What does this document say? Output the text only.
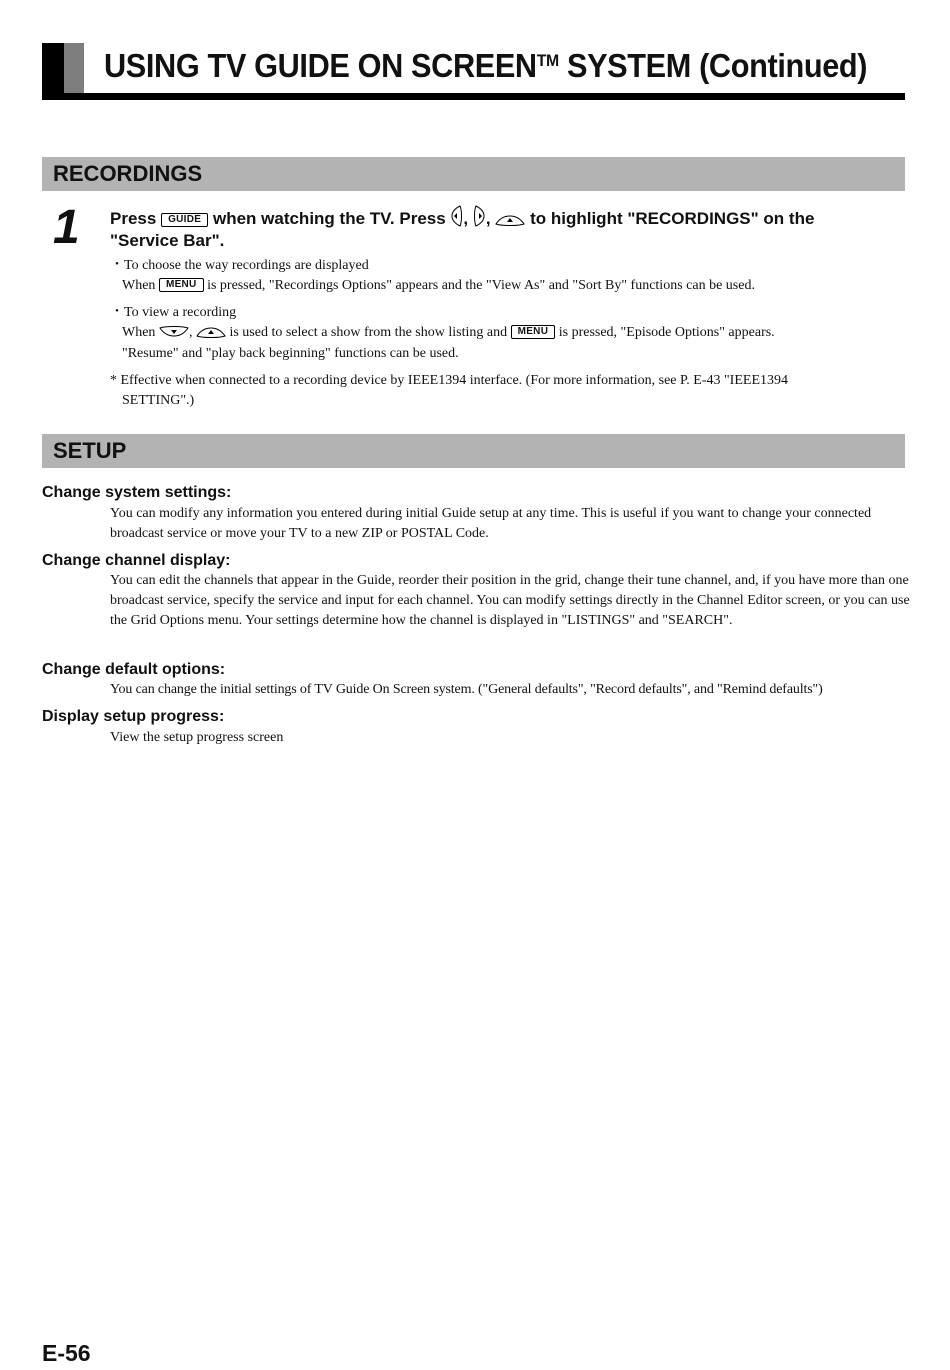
USING TV GUIDE ON SCREEN™ SYSTEM (Continued)
RECORDINGS
1 Press GUIDE when watching the TV. Press , , to highlight "RECORDINGS" on the
"Service Bar".
・To choose the way recordings are displayed
When MENU is pressed, "Recordings Options" appears and the "View As" and "Sort By" functions can be used.
・To view a recording
When ,	is used to select a show from the show listing and MENU is pressed, "Episode Options" appears.
"Resume" and "play back beginning" functions can be used.
* Effective when connected to a recording device by IEEE1394 interface. (For more information, see P. E-43 "IEEE1394
SETTING".)
SETUP
Change system settings:
You can modify any information you entered during initial Guide setup at any time. This is useful if you want to change your connected broadcast service or move your TV to a new ZIP or POSTAL Code.
Change channel display:
You can edit the channels that appear in the Guide, reorder their position in the grid, change their tune channel, and, if you have more than one broadcast service, specify the service and input for each channel. You can modify settings directly in the Channel Editor screen, or you can use the Grid Options menu. Your settings determine how the channel is displayed in "LISTINGS" and "SEARCH".
Change default options:
You can change the initial settings of TV Guide On Screen system. ("General defaults", "Record defaults", and "Remind defaults")
Display setup progress:
View the setup progress screen
E-56
